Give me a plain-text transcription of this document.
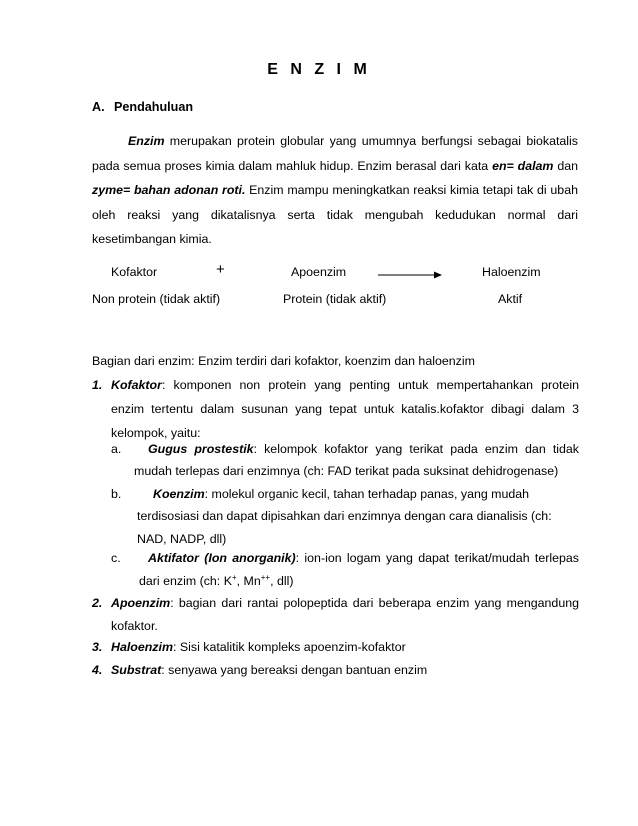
E N Z I M
A. Pendahuluan

Enzim merupakan protein globular yang umumnya berfungsi sebagai biokatalis pada semua proses kimia dalam mahluk hidup. Enzim berasal dari kata en= dalam dan zyme= bahan adonan roti. Enzim mampu meningkatkan reaksi kimia tetapi tak di ubah oleh reaksi yang dikatalisnya serta tidak mengubah kedudukan normal dari kesetimbangan kimia.

Kofaktor	+	Apoenzim	Haloenzim
Non protein (tidak aktif)	Protein (tidak aktif)	Aktif
Bagian dari enzim: Enzim terdiri dari kofaktor, koenzim dan haloenzim
1. Kofaktor: komponen non protein yang penting untuk mempertahankan protein
enzim tertentu dalam susunan yang tepat untuk katalis.kofaktor dibagi dalam 3
kelompok, yaitu:
a. Gugus prostestik: kelompok kofaktor yang terikat pada enzim dan tidak
mudah terlepas dari enzimnya (ch: FAD terikat pada suksinat dehidrogenase)
b.	Koenzim: molekul organic kecil, tahan terhadap panas, yang mudah
terdisosiasi dan dapat dipisahkan dari enzimnya dengan cara dianalisis (ch:
NAD, NADP, dll)
c. Aktifator (Ion anorganik): ion-ion logam yang dapat terikat/mudah terlepas
dari enzim (ch: K+, Mn++, dll)
2. Apoenzim: bagian dari rantai polopeptida dari beberapa enzim yang mengandung
kofaktor.
3. Haloenzim: Sisi katalitik kompleks apoenzim-kofaktor
4. Substrat: senyawa yang bereaksi dengan bantuan enzim
